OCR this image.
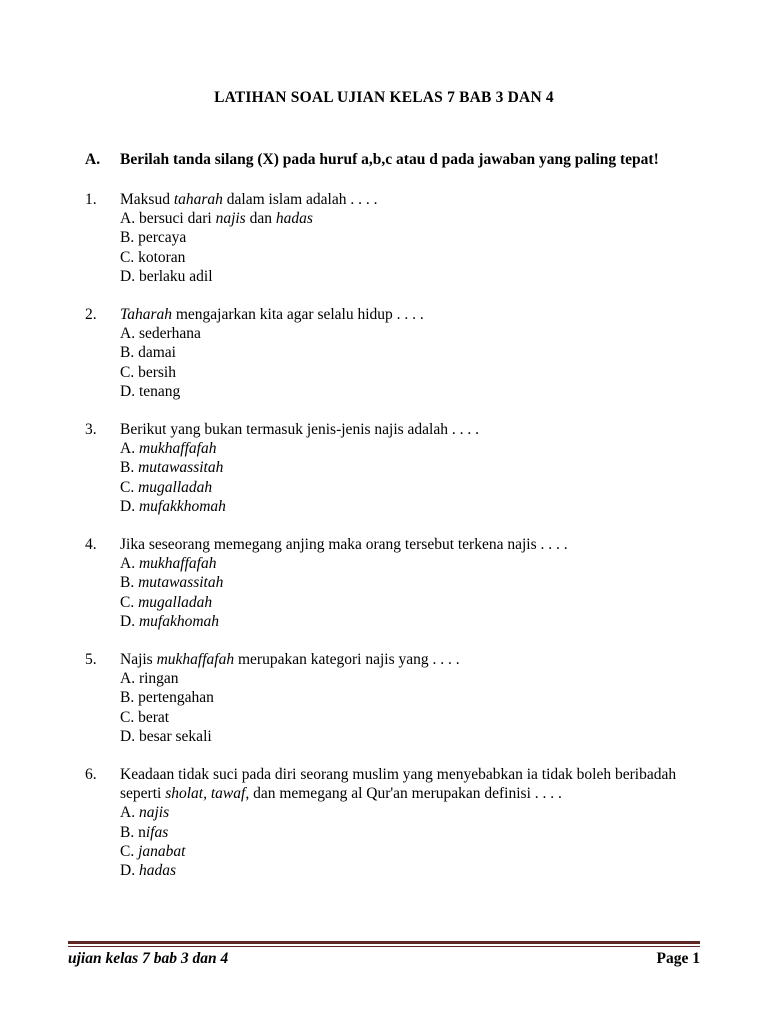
LATIHAN SOAL UJIAN KELAS 7 BAB 3 DAN 4
A.	Berilah tanda silang (X) pada huruf a,b,c atau d pada jawaban yang paling tepat!
1.	Maksud taharah dalam islam adalah . . . .
A. bersuci dari najis dan hadas
B. percaya
C. kotoran
D. berlaku adil
2.	Taharah mengajarkan kita agar selalu hidup . . . .
A. sederhana
B. damai
C. bersih
D. tenang
3.	Berikut yang bukan termasuk jenis-jenis najis adalah . . . .
A. mukhaffafah
B. mutawassitah
C. mugalladah
D. mufakkhomah
4.	Jika seseorang memegang anjing maka orang tersebut terkena najis . . . .
A. mukhaffafah
B. mutawassitah
C. mugalladah
D. mufakhomah
5.	Najis mukhaffafah merupakan kategori najis yang . . . .
A. ringan
B. pertengahan
C. berat
D. besar sekali
6.	Keadaan tidak suci pada diri seorang muslim yang menyebabkan ia tidak boleh beribadah
seperti sholat, tawaf, dan memegang al Qur'an merupakan definisi . . . .
A. najis
B. nifas
C. janabat
D. hadas
ujian kelas 7 bab 3 dan 4	Page 1
